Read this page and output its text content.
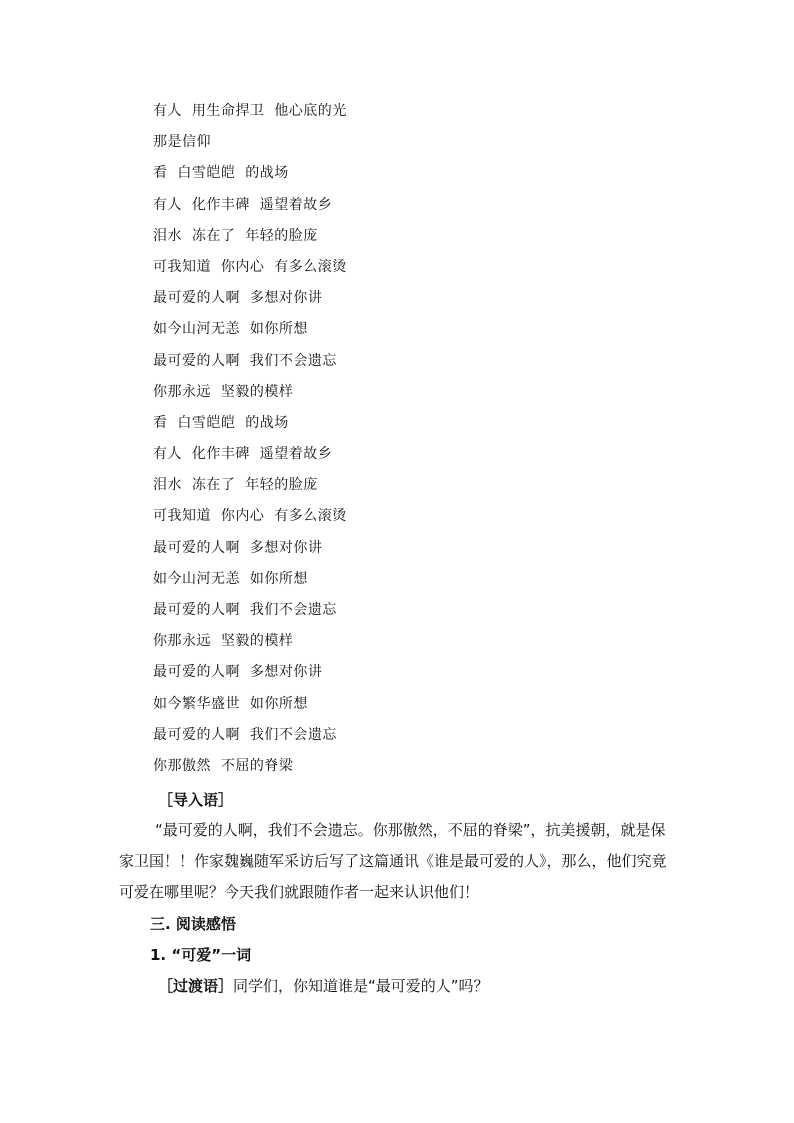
有人  用生命捍卫  他心底的光
那是信仰
看  白雪皑皑  的战场
有人  化作丰碑  遥望着故乡
泪水  冻在了  年轻的脸庞
可我知道  你内心  有多么滚烫
最可爱的人啊  多想对你讲
如今山河无恙  如你所想
最可爱的人啊  我们不会遗忘
你那永远  坚毅的模样
看  白雪皑皑  的战场
有人  化作丰碑  遥望着故乡
泪水  冻在了  年轻的脸庞
可我知道  你内心  有多么滚烫
最可爱的人啊  多想对你讲
如今山河无恙  如你所想
最可爱的人啊  我们不会遗忘
你那永远  坚毅的模样
最可爱的人啊  多想对你讲
如今繁华盛世  如你所想
最可爱的人啊  我们不会遗忘
你那傲然  不屈的脊梁
［导入语］
“最可爱的人啊，我们不会遗忘。你那傲然，不屈的脊梁”，抗美援朝，就是保家卫国！！作家魏巍随军采访后写了这篇通讯《谁是最可爱的人》，那么，他们究竟可爱在哪里呢？今天我们就跟随作者一起来认识他们！
三. 阅读感悟
1. “可爱”一词
［过渡语］同学们，你知道谁是“最可爱的人”吗？
